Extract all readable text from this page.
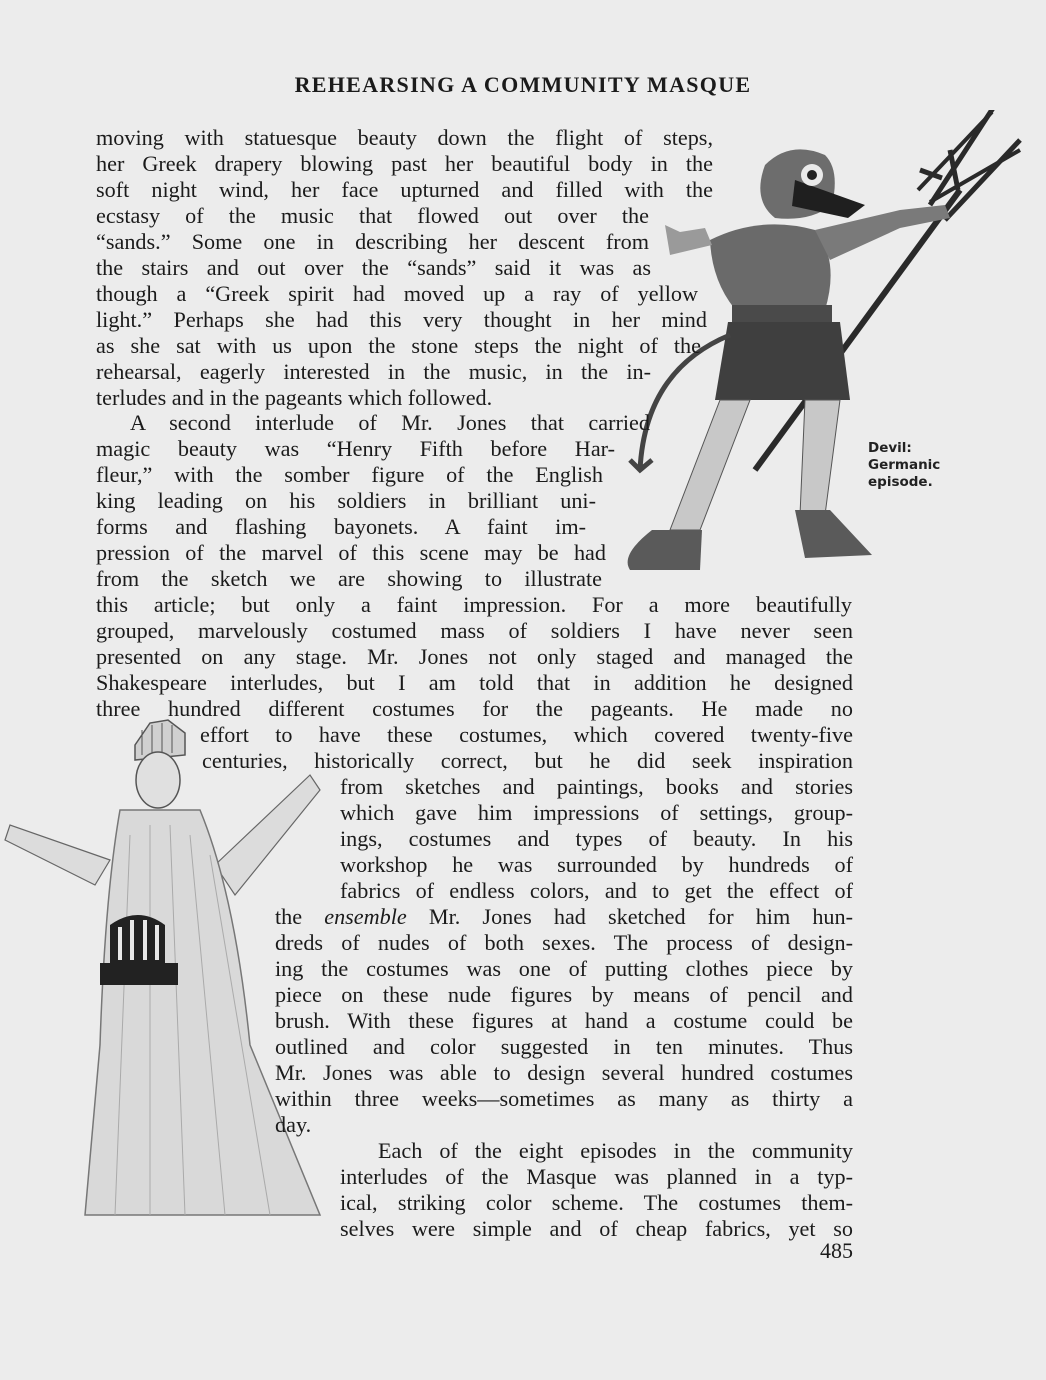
REHEARSING A COMMUNITY MASQUE
Devil:
Germanic
episode.
moving with statuesque beauty down the flight of steps,
her Greek drapery blowing past her beautiful body in the
soft night wind, her face upturned and filled with the
ecstasy of the music that flowed out over the
“sands.” Some one in describing her descent from
the stairs and out over the “sands” said it was as
though a “Greek spirit had moved up a ray of yellow
light.” Perhaps she had this very thought in her mind
as she sat with us upon the stone steps the night of the
rehearsal, eagerly interested in the music, in the in-
terludes and in the pageants which followed.
A second interlude of Mr. Jones that carried
magic beauty was “Henry Fifth before Har-
fleur,” with the somber figure of the English
king leading on his soldiers in brilliant uni-
forms and flashing bayonets. A faint im-
pression of the marvel of this scene may be had
from the sketch we are showing to illustrate
this article; but only a faint impression. For a more beautifully
grouped, marvelously costumed mass of soldiers I have never seen
presented on any stage. Mr. Jones not only staged and managed the
Shakespeare interludes, but I am told that in addition he designed
three hundred different costumes for the pageants. He made no
effort to have these costumes, which covered twenty-five
centuries, historically correct, but he did seek inspiration
from sketches and paintings, books and stories
which gave him impressions of settings, group-
ings, costumes and types of beauty. In his
workshop he was surrounded by hundreds of
fabrics of endless colors, and to get the effect of
the ensemble Mr. Jones had sketched for him hun-
dreds of nudes of both sexes. The process of design-
ing the costumes was one of putting clothes piece by
piece on these nude figures by means of pencil and
brush. With these figures at hand a costume could be
outlined and color suggested in ten minutes. Thus
Mr. Jones was able to design several hundred costumes
within three weeks—sometimes as many as thirty a
day.
Each of the eight episodes in the community
interludes of the Masque was planned in a typ-
ical, striking color scheme. The costumes them-
selves were simple and of cheap fabrics, yet so
485
